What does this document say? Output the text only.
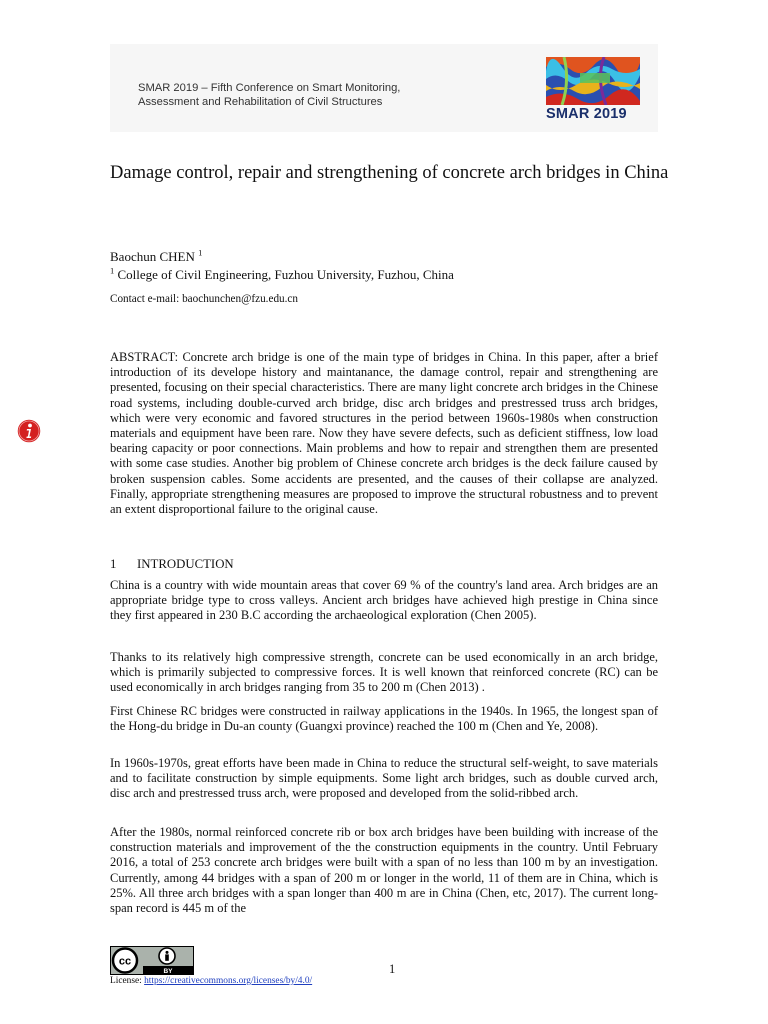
SMAR 2019 – Fifth Conference on Smart Monitoring,
Assessment and Rehabilitation of Civil Structures
SMAR 2019
Damage control, repair and strengthening of concrete arch bridges in China
Baochun CHEN $^1$
$^1$ College of Civil Engineering, Fuzhou University, Fuzhou, China
Contact e-mail: baochunchen@fzu.edu.cn

ABSTRACT: Concrete arch bridge is one of the main type of bridges in China. In this paper, after a brief introduction of its develope history and maintanance, the damage control, repair and strengthening are presented, focusing on their special characteristics. There are many light concrete arch bridges in the Chinese road systems, including double-curved arch bridge, disc arch bridges and prestressed truss arch bridges, which were very economic and favored structures in the period between 1960s-1980s when construction materials and equipment have been rare. Now they have severe defects, such as deficient stiffness, low load bearing capacity or poor connections. Main problems and how to repair and strengthen them are presented with some case studies. Another big problem of Chinese concrete arch bridges is the deck failure caused by broken suspension cables. Some accidents are presented, and the causes of their collapse are analyzed. Finally, appropriate strengthening measures are proposed to improve the structural robustness and to prevent an extent disproportional failure to the original cause.

1 INTRODUCTION

China is a country with wide mountain areas that cover 69 % of the country's land area. Arch bridges are an appropriate bridge type to cross valleys. Ancient arch bridges have achieved high prestige in China since they first appeared in 230 B.C according the archaeological exploration (Chen 2005).

Thanks to its relatively high compressive strength, concrete can be used economically in an arch bridge, which is primarily subjected to compressive forces. It is well known that reinforced concrete (RC) can be used economically in arch bridges ranging from 35 to 200 m (Chen 2013) .

First Chinese RC bridges were constructed in railway applications in the 1940s. In 1965, the longest span of the Hong-du bridge in Du-an county (Guangxi province) reached the 100 m (Chen and Ye, 2008).

In 1960s-1970s, great efforts have been made in China to reduce the structural self-weight, to save materials and to facilitate construction by simple equipments. Some light arch bridges, such as double curved arch, disc arch and prestressed truss arch, were proposed and developed from the solid-ribbed arch.

After the 1980s, normal reinforced concrete rib or box arch bridges have been building with increase of the construction materials and improvement of the the construction equipments in the country. Until February 2016, a total of 253 concrete arch bridges were built with a span of no less than 100 m by an investigation. Currently, among 44 bridges with a span of 200 m or longer in the world, 11 of them are in China, which is 25%. All three arch bridges with a span longer than 400 m are in China (Chen, etc, 2017). The current long-span record is 445 m of the

cc
BY	1
License: https://creativecommons.org/licenses/by/4.0/
